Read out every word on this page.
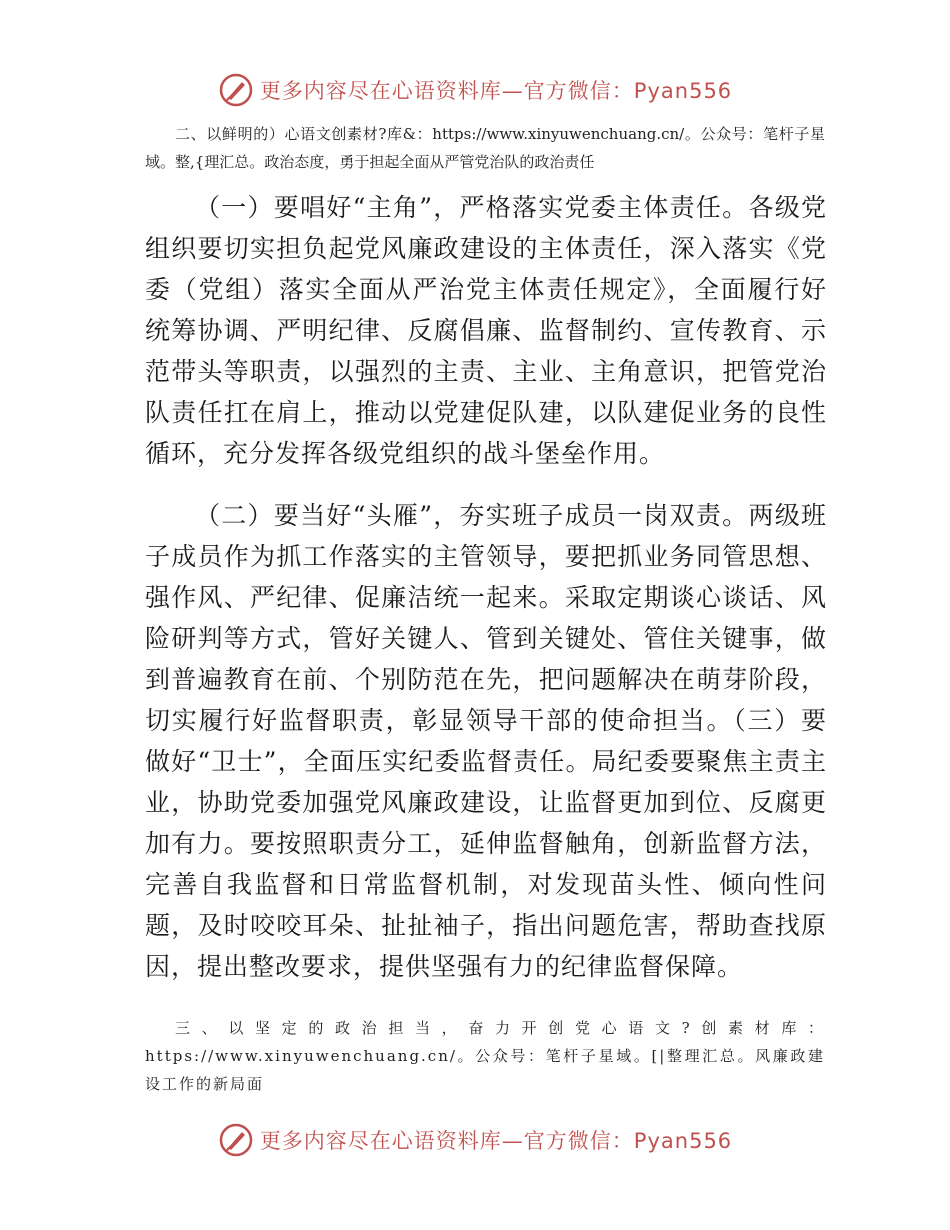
更多内容尽在心语资料库—官方微信：Pyan556

二、以鲜明的）心语文创素材?库&：https://www.xinyuwenchuang.cn/。公众号：笔杆子星域。整,{理汇总。政治态度，勇于担起全面从严管党治队的政治责任

（一）要唱好“主角”，严格落实党委主体责任。各级党组织要切实担负起党风廉政建设的主体责任，深入落实《党委（党组）落实全面从严治党主体责任规定》，全面履行好统筹协调、严明纪律、反腐倡廉、监督制约、宣传教育、示范带头等职责，以强烈的主责、主业、主角意识，把管党治队责任扛在肩上，推动以党建促队建，以队建促业务的良性循环，充分发挥各级党组织的战斗堡垒作用。

（二）要当好“头雁”，夯实班子成员一岗双责。两级班子成员作为抓工作落实的主管领导，要把抓业务同管思想、强作风、严纪律、促廉洁统一起来。采取定期谈心谈话、风险研判等方式，管好关键人、管到关键处、管住关键事，做到普遍教育在前、个别防范在先，把问题解决在萌芽阶段，切实履行好监督职责，彰显领导干部的使命担当。（三）要做好“卫士”，全面压实纪委监督责任。局纪委要聚焦主责主业，协助党委加强党风廉政建设，让监督更加到位、反腐更加有力。要按照职责分工，延伸监督触角，创新监督方法，完善自我监督和日常监督机制，对发现苗头性、倾向性问题，及时咬咬耳朵、扯扯袖子，指出问题危害，帮助查找原因，提出整改要求，提供坚强有力的纪律监督保障。

三、以坚定的政治担当，奋力开创党心语文?创素材库：https://www.xinyuwenchuang.cn/。公众号：笔杆子星域。[|整理汇总。风廉政建设工作的新局面

更多内容尽在心语资料库—官方微信：Pyan556
